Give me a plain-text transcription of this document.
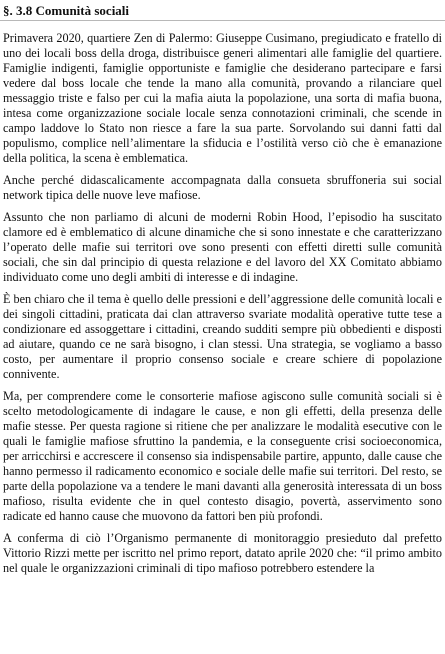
§. 3.8 Comunità sociali

Primavera 2020, quartiere Zen di Palermo: Giuseppe Cusimano, pregiudicato e fratello di uno dei locali boss della droga, distribuisce generi alimentari alle famiglie del quartiere. Famiglie indigenti, famiglie opportuniste e famiglie che desiderano partecipare e farsi vedere dal boss locale che tende la mano alla comunità, provando a rilanciare quel messaggio triste e falso per cui la mafia aiuta la popolazione, una sorta di mafia buona, intesa come organizzazione sociale locale senza connotazioni criminali, che scende in campo laddove lo Stato non riesce a fare la sua parte. Sorvolando sui danni fatti dal populismo, complice nell’alimentare la sfiducia e l’ostilità verso ciò che è emanazione della politica, la scena è emblematica.

Anche perché didascalicamente accompagnata dalla consueta sbruffoneria sui social network tipica delle nuove leve mafiose.

Assunto che non parliamo di alcuni de moderni Robin Hood, l’episodio ha suscitato clamore ed è emblematico di alcune dinamiche che si sono innestate e che caratterizzano l’operato delle mafie sui territori ove sono presenti con effetti diretti sulle comunità sociali, che sin dal principio di questa relazione e del lavoro del XX Comitato abbiamo individuato come uno degli ambiti di interesse e di indagine.

È ben chiaro che il tema è quello delle pressioni e dell’aggressione delle comunità locali e dei singoli cittadini, praticata dai clan attraverso svariate modalità operative tutte tese a condizionare ed assoggettare i cittadini, creando sudditi sempre più obbedienti e disposti ad aiutare, quando ce ne sarà bisogno, i clan stessi. Una strategia, se vogliamo a basso costo, per aumentare il proprio consenso sociale e creare schiere di popolazione connivente.

Ma, per comprendere come le consorterie mafiose agiscono sulle comunità sociali si è scelto metodologicamente di indagare le cause, e non gli effetti, della presenza delle mafie stesse. Per questa ragione si ritiene che per analizzare le modalità esecutive con le quali le famiglie mafiose sfruttino la pandemia, e la conseguente crisi socioeconomica, per arricchirsi e accrescere il consenso sia indispensabile partire, appunto, dalle cause che hanno permesso il radicamento economico e sociale delle mafie sui territori. Del resto, se parte della popolazione va a tendere le mani davanti alla generosità interessata di un boss mafioso, risulta evidente che in quel contesto disagio, povertà, asservimento sono radicate ed hanno cause che muovono da fattori ben più profondi.

A conferma di ciò l’Organismo permanente di monitoraggio presieduto dal prefetto Vittorio Rizzi mette per iscritto nel primo report, datato aprile 2020 che: “il primo ambito nel quale le organizzazioni criminali di tipo mafioso potrebbero estendere la
